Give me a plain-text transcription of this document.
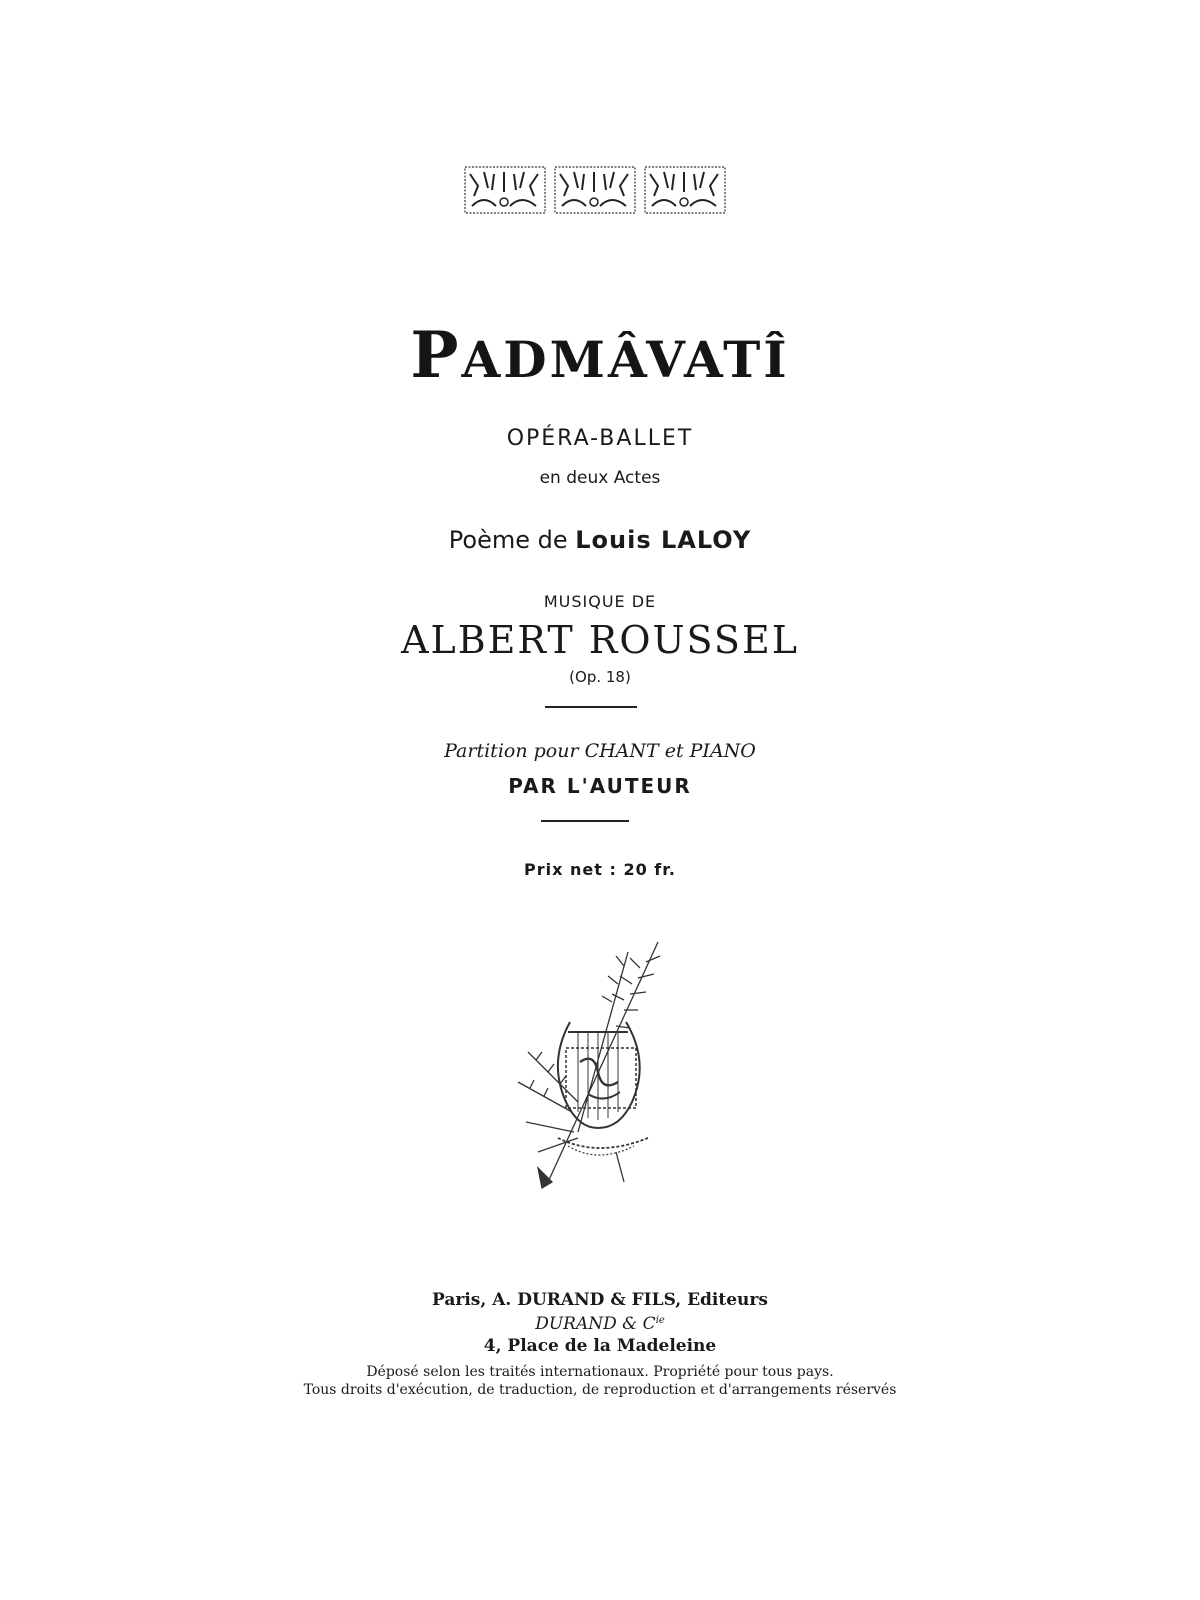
PADMÂVATÎ
OPÉRA-BALLET
en deux Actes
Poème de Louis LALOY
MUSIQUE DE
ALBERT ROUSSEL
(Op. 18)
Partition pour CHANT et PIANO
PAR L'AUTEUR
Prix net : 20 fr.
Paris, A. DURAND & FILS, Editeurs
DURAND & $C^{ie}$
4, Place de la Madeleine
Déposé selon les traités internationaux. Propriété pour tous pays.
Tous droits d'exécution, de traduction, de reproduction et d'arrangements réservés
